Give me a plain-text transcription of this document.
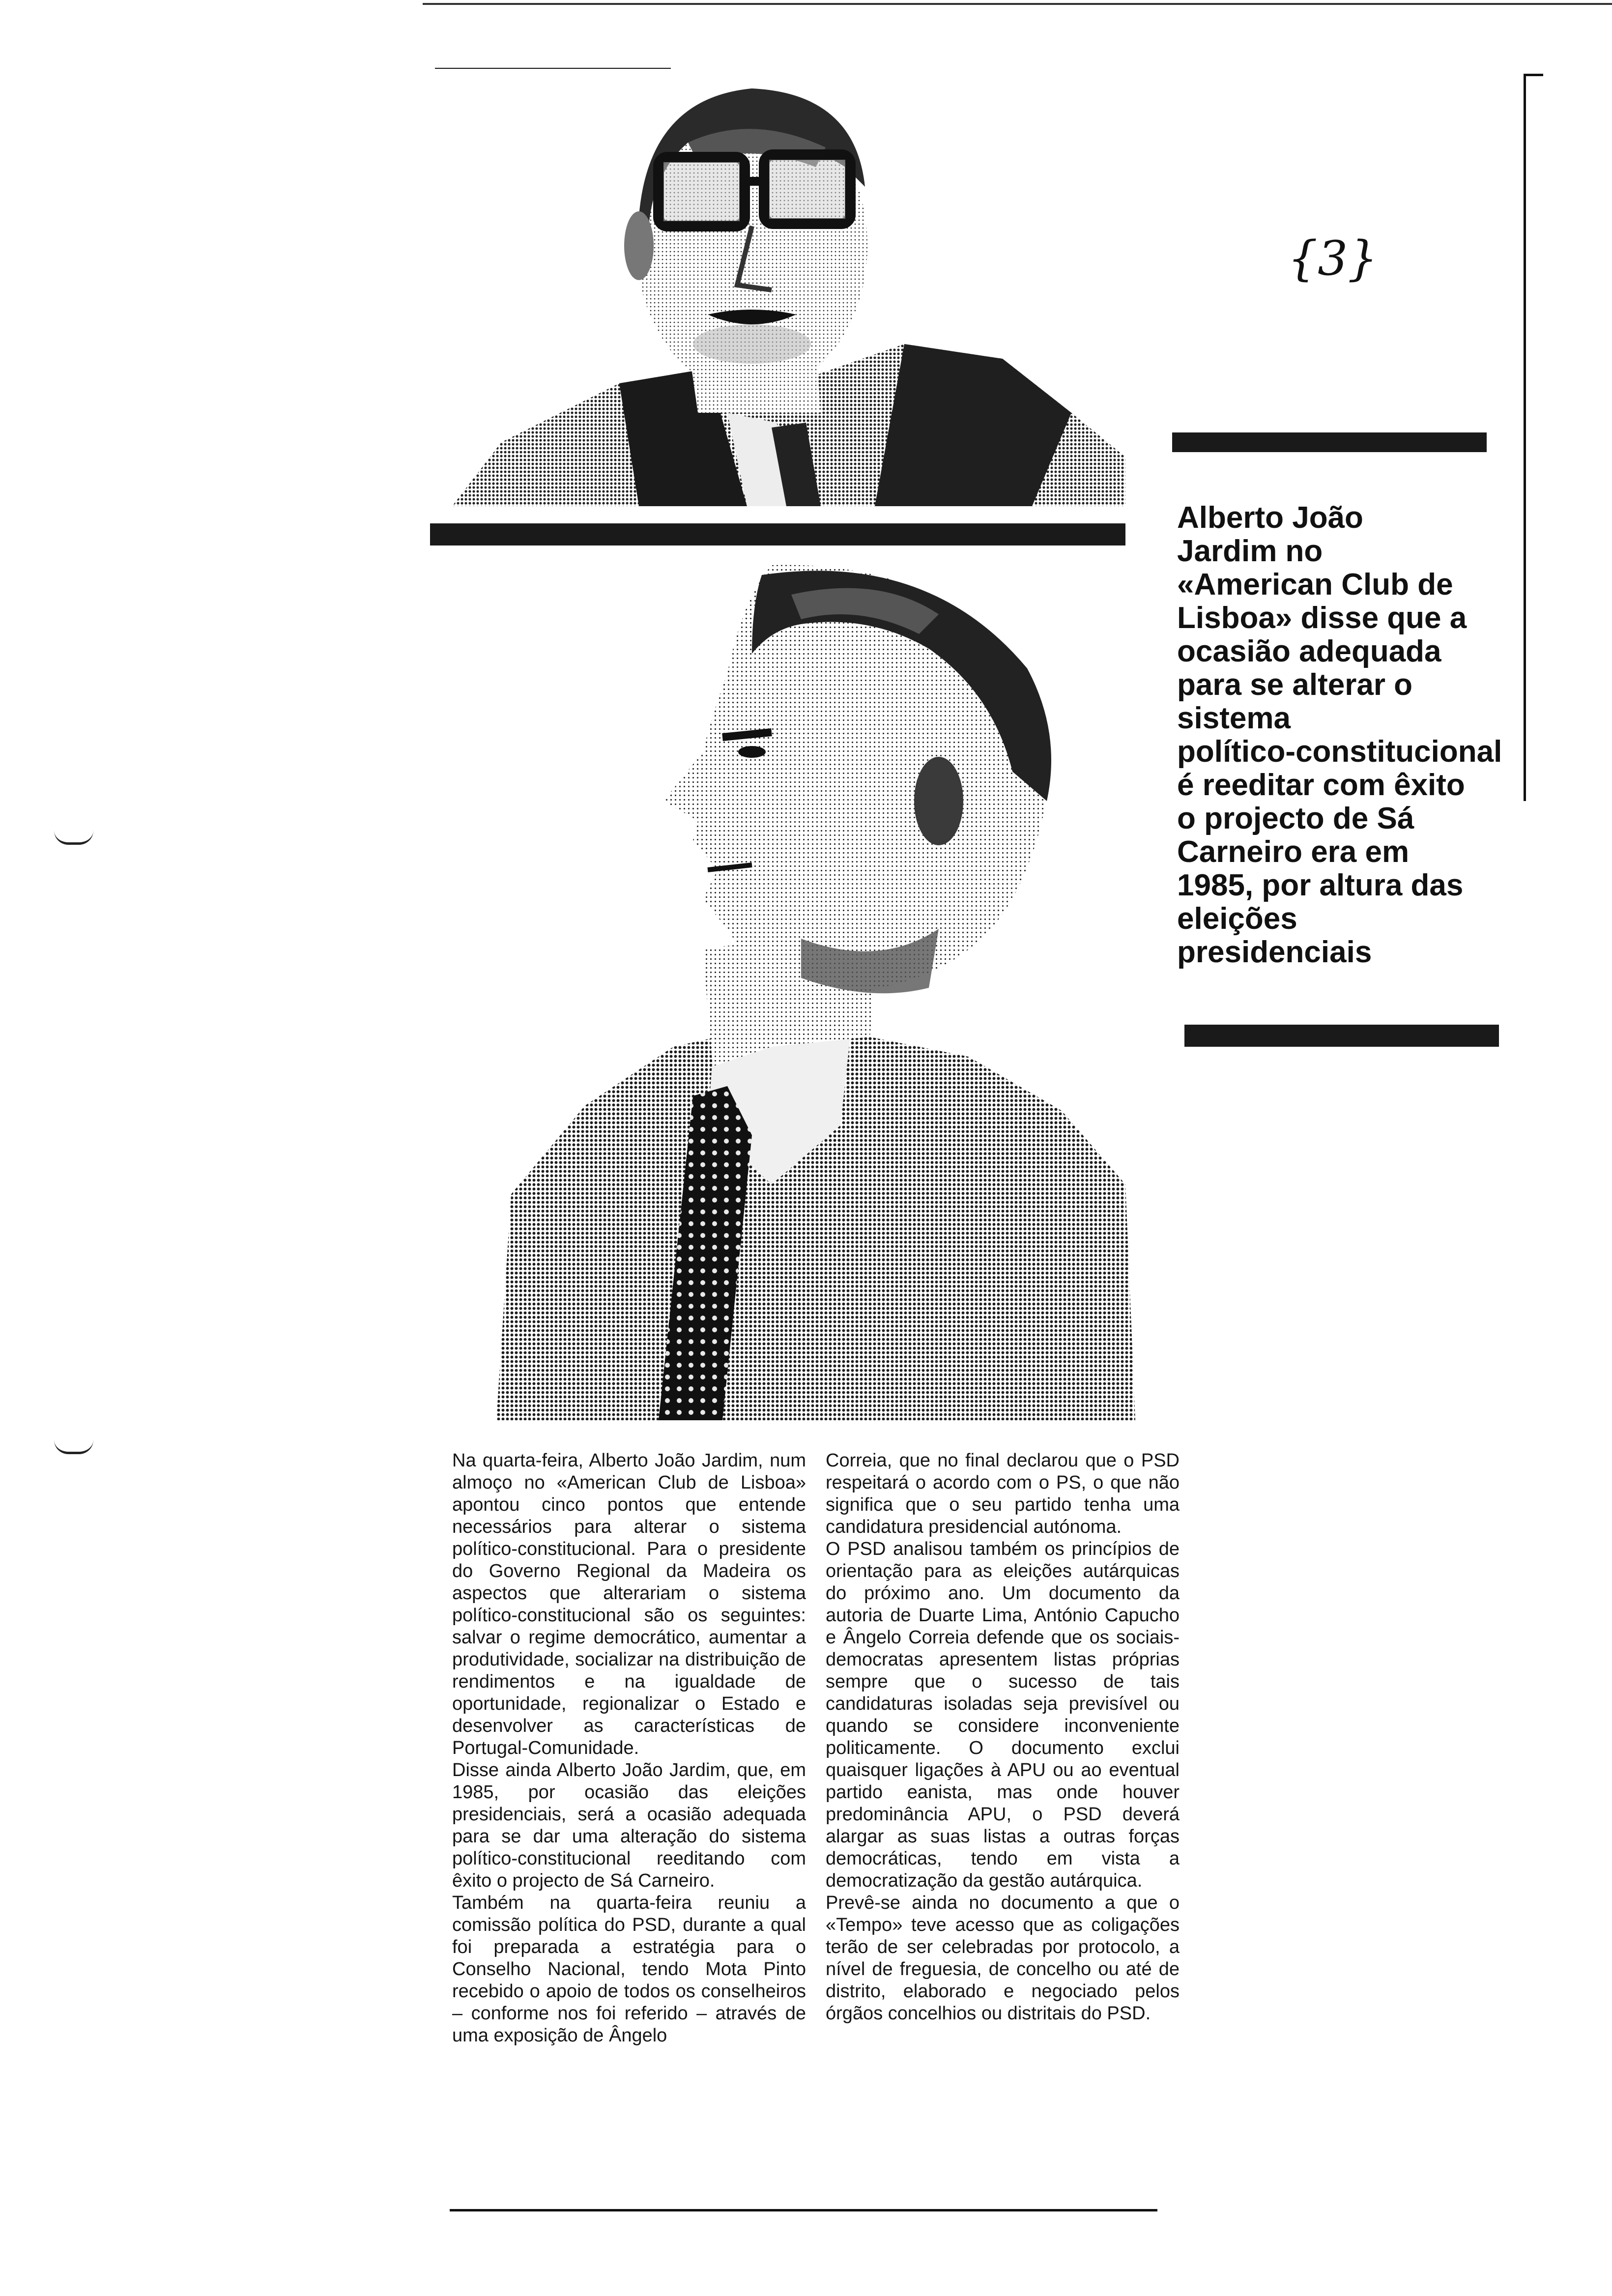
{3}
Alberto João
Jardim no
«American Club de
Lisboa» disse que a
ocasião adequada
para se alterar o
sistema
político-constitucional
é reeditar com êxito
o projecto de Sá
Carneiro era em
1985, por altura das
eleições
presidenciais

Na quarta-feira, Alberto João Jardim, num almoço no «American Club de Lisboa» apontou cinco pontos que entende necessários para alterar o sistema político-constitucional. Para o presidente do Governo Regional da Madeira os aspectos que alterariam o sistema político-constitucional são os seguintes: salvar o regime democrático, aumentar a produtividade, socializar na distribuição de rendimentos e na igualdade de oportunidade, regionalizar o Estado e desenvolver as características de Portugal-Comunidade.

Disse ainda Alberto João Jardim, que, em 1985, por ocasião das eleições presidenciais, será a ocasião adequada para se dar uma alteração do sistema político-constitucional reeditando com êxito o projecto de Sá Carneiro.

Também na quarta-feira reuniu a comissão política do PSD, durante a qual foi preparada a estratégia para o Conselho Nacional, tendo Mota Pinto recebido o apoio de todos os conselheiros – conforme nos foi referido – através de uma exposição de Ângelo

Correia, que no final declarou que o PSD respeitará o acordo com o PS, o que não significa que o seu partido tenha uma candidatura presidencial autónoma.

O PSD analisou também os princípios de orientação para as eleições autárquicas do próximo ano. Um documento da autoria de Duarte Lima, António Capucho e Ângelo Correia defende que os sociais-democratas apresentem listas próprias sempre que o sucesso de tais candidaturas isoladas seja previsível ou quando se considere inconveniente politicamente. O documento exclui quaisquer ligações à APU ou ao eventual partido eanista, mas onde houver predominância APU, o PSD deverá alargar as suas listas a outras forças democráticas, tendo em vista a democratização da gestão autárquica.

Prevê-se ainda no documento a que o «Tempo» teve acesso que as coligações terão de ser celebradas por protocolo, a nível de freguesia, de concelho ou até de distrito, elaborado e negociado pelos órgãos concelhios ou distritais do PSD.
